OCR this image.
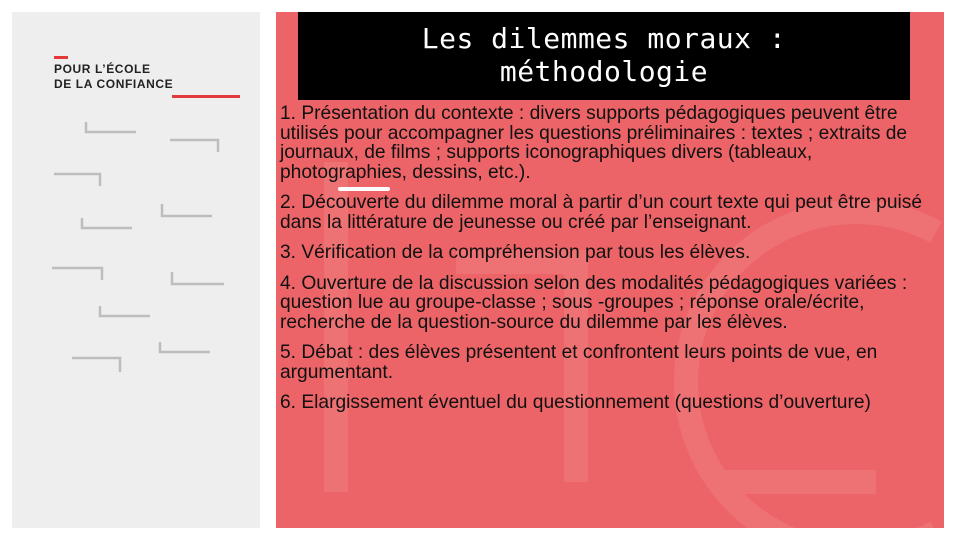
POUR L’ÉCOLE
DE LA CONFIANCE
Les dilemmes moraux :
méthodologie

1. Présentation du contexte : divers supports pédagogiques peuvent être utilisés pour accompagner les questions préliminaires : textes ; extraits de journaux, de films ; supports iconographiques divers (tableaux, photographies, dessins, etc.).

2. Découverte du dilemme moral à partir d’un court texte qui peut être puisé dans la littérature de jeunesse ou créé par l’enseignant.

3. Vérification de la compréhension par tous les élèves.

4. Ouverture de la discussion selon des modalités pédagogiques variées : question lue au groupe-classe ; sous -groupes ; réponse orale/écrite, recherche de la question-source du dilemme par les élèves.

5. Débat : des élèves présentent et confrontent leurs points de vue, en argumentant.

6. Elargissement éventuel du questionnement (questions d’ouverture)
